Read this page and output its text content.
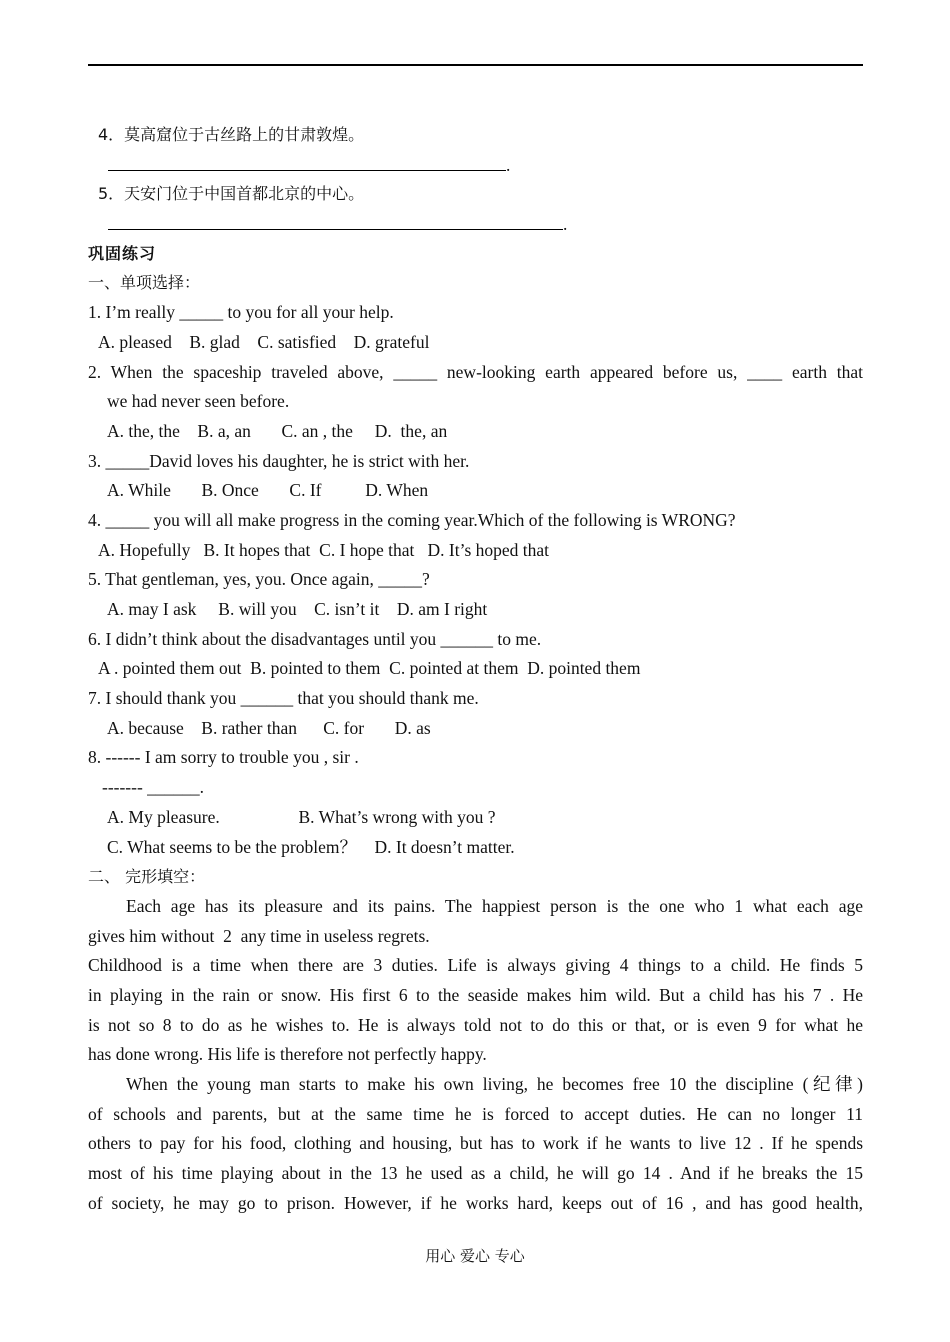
4．莫高窟位于古丝路上的甘肃敦煌。
.
5．天安门位于中国首都北京的中心。
.
巩固练习
一、单项选择：
1. I’m really _____ to you for all your help.
A. pleased    B. glad    C. satisfied    D. grateful
2. When the spaceship traveled above, _____ new-looking earth appeared before us, ____ earth that
we had never seen before.
A. the, the    B. a, an       C. an , the     D.  the, an
3. _____David loves his daughter, he is strict with her.
A. While       B. Once       C. If          D. When
4. _____ you will all make progress in the coming year.Which of the following is WRONG?
A. Hopefully   B. It hopes that  C. I hope that   D. It’s hoped that
5. That gentleman, yes, you. Once again, _____?
A. may I ask     B. will you    C. isn’t it    D. am I right
6. I didn’t think about the disadvantages until you ______ to me.
A . pointed them out  B. pointed to them  C. pointed at them  D. pointed them
7. I should thank you ______ that you should thank me.
A. because    B. rather than      C. for       D. as
8. ------ I am sorry to trouble you , sir .
------- ______.
A. My pleasure.                  B. What’s wrong with you ?
C. What seems to be the problem？    D. It doesn’t matter.
二、 完形填空：
Each age has its pleasure and its pains. The happiest person is the one who 1 what each age
gives him without  2  any time in useless regrets.
Childhood is a time when there are 3 duties. Life is always giving 4 things to a child. He finds 5
in playing in the rain or snow. His first 6 to the seaside makes him wild. But a child has his 7 . He
is not so 8 to do as he wishes to. He is always told not to do this or that, or is even 9 for what he
has done wrong. His life is therefore not perfectly happy.
When the young man starts to make his own living, he becomes free 10 the discipline (纪律)
of schools and parents, but at the same time he is forced to accept duties. He can no longer 11
others to pay for his food, clothing and housing, but has to work if he wants to live 12 . If he spends
most of his time playing about in the 13 he used as a child, he will go 14 . And if he breaks the 15
of society, he may go to prison. However, if he works hard, keeps out of 16 , and has good health,
用心 爱心 专心
